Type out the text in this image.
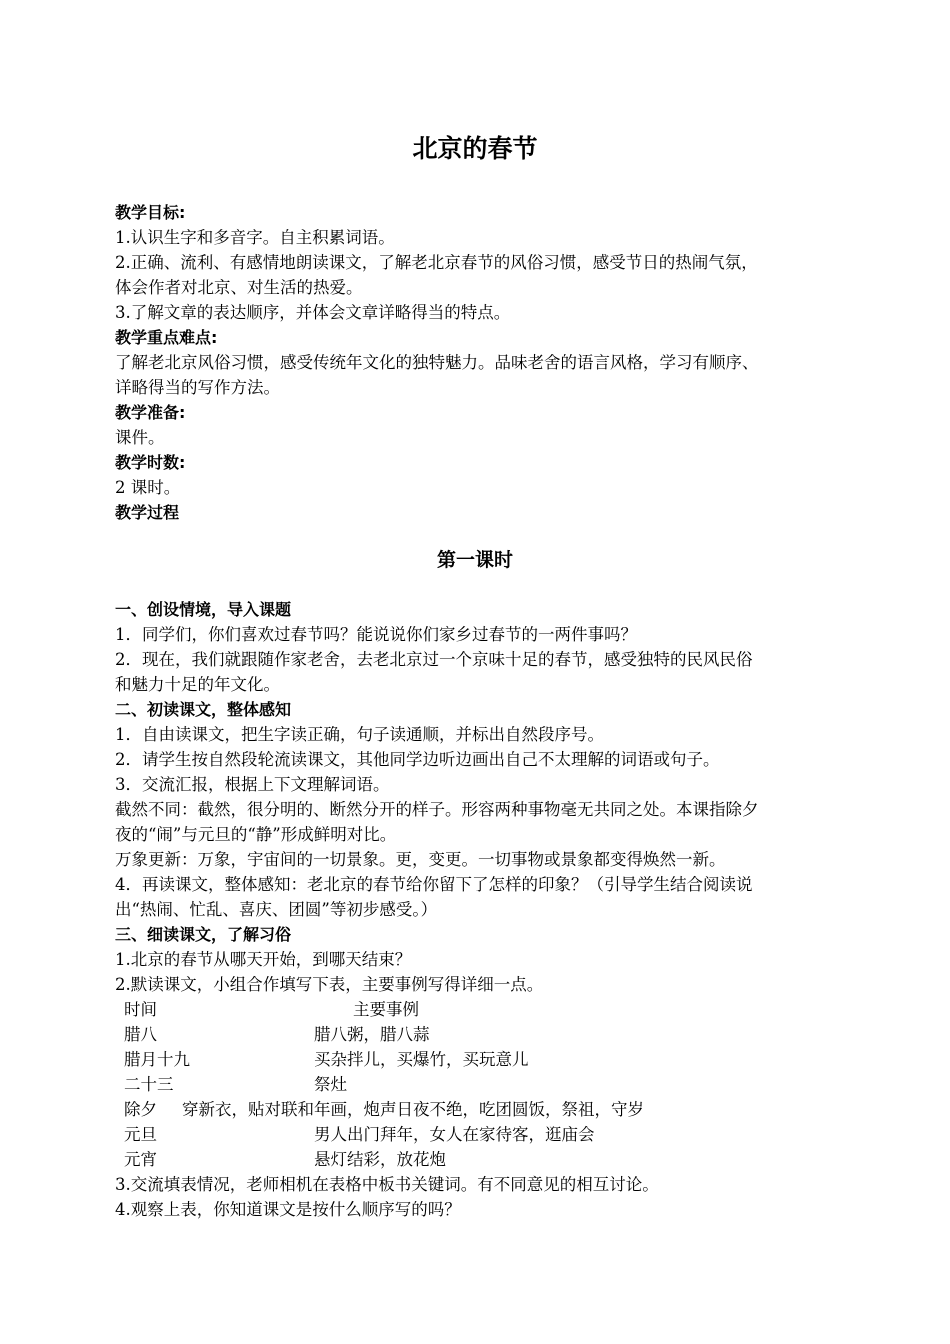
北京的春节
教学目标:
1.认识生字和多音字。自主积累词语。
2.正确、流利、有感情地朗读课文，了解老北京春节的风俗习惯，感受节日的热闹气氛，
体会作者对北京、对生活的热爱。
3.了解文章的表达顺序，并体会文章详略得当的特点。
教学重点难点:
了解老北京风俗习惯，感受传统年文化的独特魅力。品味老舍的语言风格，学习有顺序、
详略得当的写作方法。
教学准备:
课件。
教学时数:
2 课时。
教学过程
第一课时
一、创设情境，导入课题
1．同学们，你们喜欢过春节吗？能说说你们家乡过春节的一两件事吗？
2．现在，我们就跟随作家老舍，去老北京过一个京味十足的春节，感受独特的民风民俗
和魅力十足的年文化。
二、初读课文，整体感知
1．自由读课文，把生字读正确，句子读通顺，并标出自然段序号。
2．请学生按自然段轮流读课文，其他同学边听边画出自己不太理解的词语或句子。
3．交流汇报，根据上下文理解词语。
截然不同：截然，很分明的、断然分开的样子。形容两种事物毫无共同之处。本课指除夕
夜的“闹”与元旦的“静”形成鲜明对比。
万象更新：万象，宇宙间的一切景象。更，变更。一切事物或景象都变得焕然一新。
4．再读课文，整体感知：老北京的春节给你留下了怎样的印象？（引导学生结合阅读说
出“热闹、忙乱、喜庆、团圆”等初步感受。）
三、细读课文，了解习俗
1.北京的春节从哪天开始，到哪天结束？
2.默读课文，小组合作填写下表，主要事例写得详细一点。
时间	主要事例
腊八	腊八粥，腊八蒜
腊月十九	买杂拌儿，买爆竹，买玩意儿
二十三	祭灶
除夕 穿新衣，贴对联和年画，炮声日夜不绝，吃团圆饭，祭祖，守岁
元旦	男人出门拜年，女人在家待客，逛庙会
元宵	悬灯结彩，放花炮
3.交流填表情况，老师相机在表格中板书关键词。有不同意见的相互讨论。
4.观察上表，你知道课文是按什么顺序写的吗？
